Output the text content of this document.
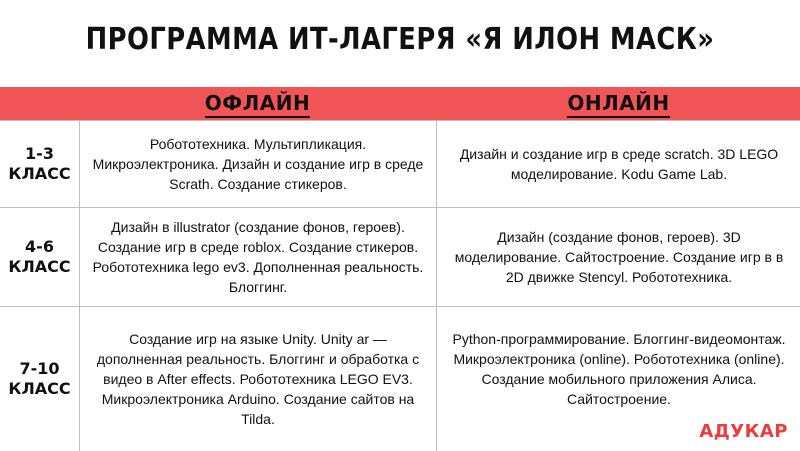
ПРОГРАММА ИТ-ЛАГЕРЯ «Я ИЛОН МАСК»
ОФЛАЙН	ОНЛАЙН
1-3
КЛАСС
Робототехника. Мультипликация. Микроэлектроника. Дизайн и создание игр в среде Scrath. Создание стикеров.
Дизайн и создание игр в среде scratch. 3D LEGO моделирование. Kodu Game Lab.
4-6
КЛАСС
Дизайн в illustrator (создание фонов, героев). Создание игр в среде roblox. Создание стикеров. Робототехника lego ev3. Дополненная реальность. Блоггинг.
Дизайн (создание фонов, героев). 3D моделирование. Сайтостроение. Создание игр в в 2D движке Stencyl. Робототехника.
7-10
КЛАСС
Создание игр на языке Unity. Unity ar — дополненная реальность. Блоггинг и обработка с видео в After effects. Робототехника LEGO EV3. Микроэлектроника Arduino. Создание сайтов на Tilda.
Python-программирование. Блоггинг-видеомонтаж. Микроэлектроника (online). Робототехника (online). Создание мобильного приложения Алиса. Сайтостроение.
АДУКАР
